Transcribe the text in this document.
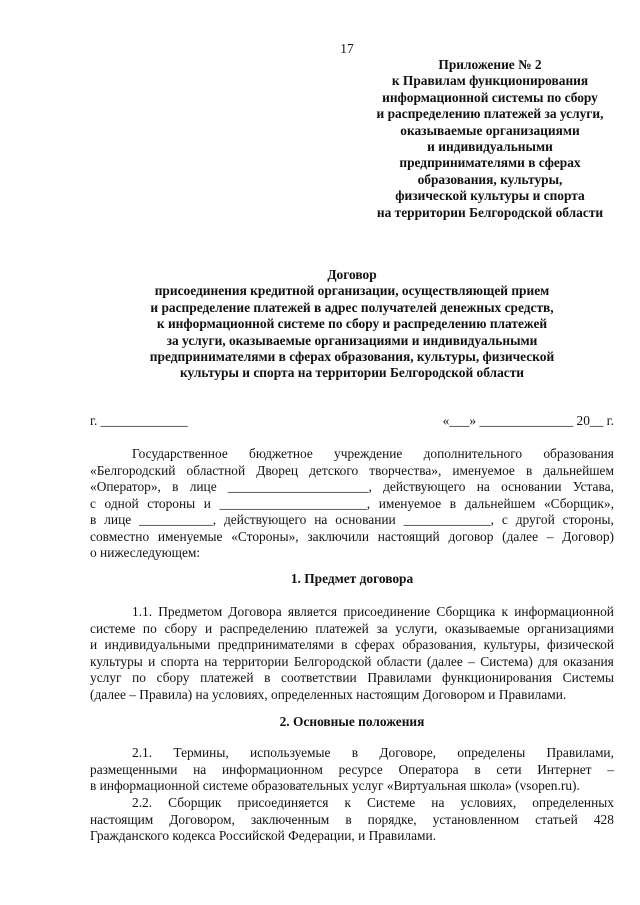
17
Приложение № 2
к Правилам функционирования
информационной системы по сбору
и распределению платежей за услуги,
оказываемые организациями
и индивидуальными
предпринимателями в сферах
образования, культуры,
физической культуры и спорта
на территории Белгородской области
Договор
присоединения кредитной организации, осуществляющей прием
и распределение платежей в адрес получателей денежных средств,
к информационной системе по сбору и распределению платежей
за услуги, оказываемые организациями и индивидуальными
предпринимателями в сферах образования, культуры, физической
культуры и спорта на территории Белгородской области
г. _____________	«___» ______________ 20__ г.
Государственное бюджетное учреждение дополнительного образования
«Белгородский областной Дворец детского творчества», именуемое в дальнейшем
«Оператор», в лице _____________________, действующего на основании Устава,
с одной стороны и ______________________, именуемое в дальнейшем «Сборщик»,
в лице ___________, действующего на основании _____________, с другой стороны,
совместно именуемые «Стороны», заключили настоящий договор (далее – Договор)
о нижеследующем:
1. Предмет договора
1.1. Предметом Договора является присоединение Сборщика к информационной
системе по сбору и распределению платежей за услуги, оказываемые организациями
и индивидуальными предпринимателями в сферах образования, культуры, физической
культуры и спорта на территории Белгородской области (далее – Система) для оказания
услуг по сбору платежей в соответствии Правилами функционирования Системы
(далее – Правила) на условиях, определенных настоящим Договором и Правилами.
2. Основные положения
2.1. Термины, используемые в Договоре, определены Правилами,
размещенными на информационном ресурсе Оператора в сети Интернет –
в информационной системе образовательных услуг «Виртуальная школа» (vsopen.ru).
2.2. Сборщик присоединяется к Системе на условиях, определенных
настоящим Договором, заключенным в порядке, установленном статьей 428
Гражданского кодекса Российской Федерации, и Правилами.
